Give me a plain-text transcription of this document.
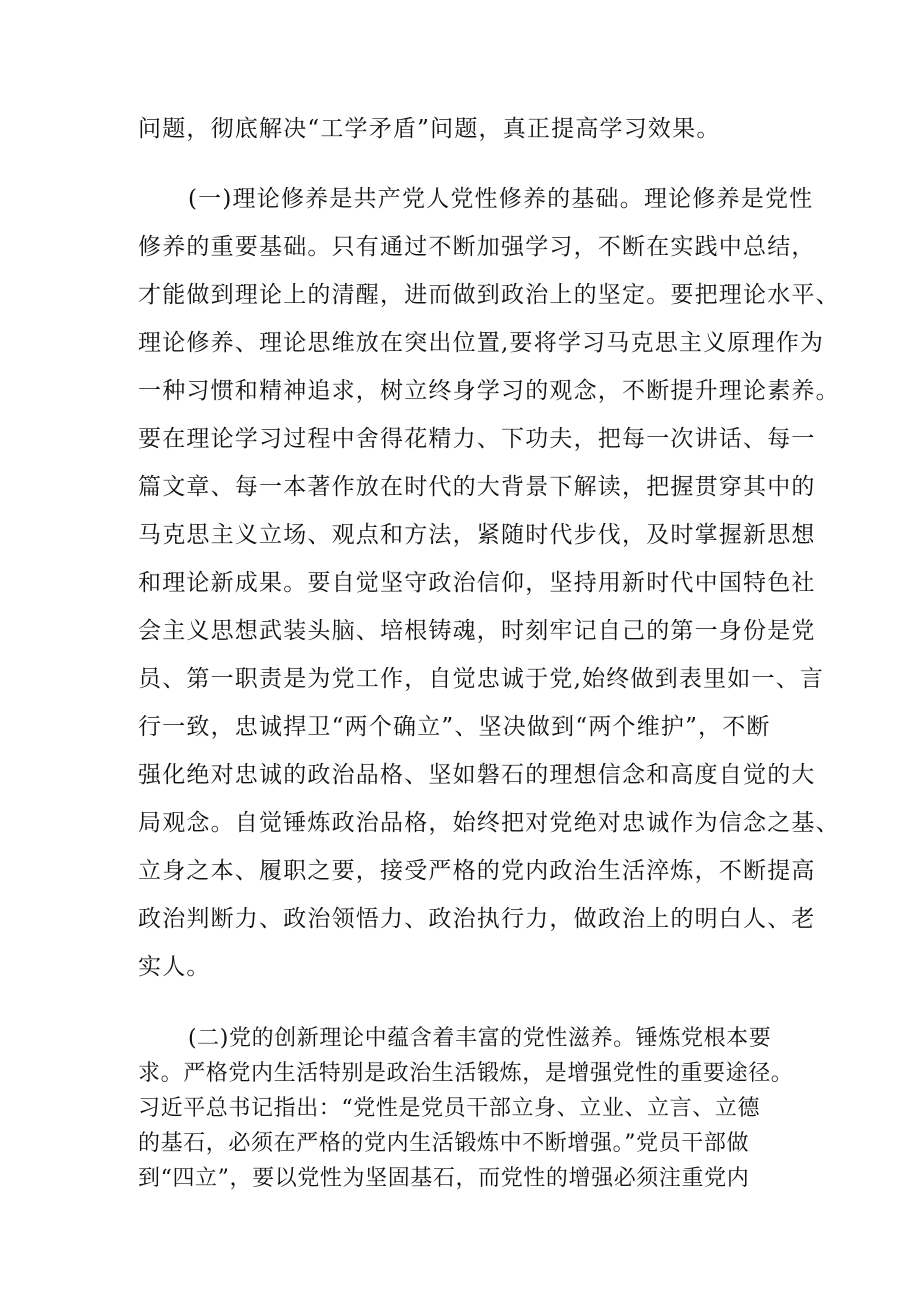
问题，彻底解决“工学矛盾”问题，真正提高学习效果。
(一)理论修养是共产党人党性修养的基础。理论修养是党性
修养的重要基础。只有通过不断加强学习，不断在实践中总结，
才能做到理论上的清醒，进而做到政治上的坚定。要把理论水平、
理论修养、理论思维放在突出位置,要将学习马克思主义原理作为
一种习惯和精神追求，树立终身学习的观念，不断提升理论素养。
要在理论学习过程中舍得花精力、下功夫，把每一次讲话、每一
篇文章、每一本著作放在时代的大背景下解读，把握贯穿其中的
马克思主义立场、观点和方法，紧随时代步伐，及时掌握新思想
和理论新成果。要自觉坚守政治信仰，坚持用新时代中国特色社
会主义思想武装头脑、培根铸魂，时刻牢记自己的第一身份是党
员、第一职责是为党工作，自觉忠诚于党,始终做到表里如一、言
行一致，忠诚捍卫“两个确立”、坚决做到“两个维护”，不断
强化绝对忠诚的政治品格、坚如磐石的理想信念和高度自觉的大
局观念。自觉锤炼政治品格，始终把对党绝对忠诚作为信念之基、
立身之本、履职之要，接受严格的党内政治生活淬炼，不断提高
政治判断力、政治领悟力、政治执行力，做政治上的明白人、老
实人。
(二)党的创新理论中蕴含着丰富的党性滋养。锤炼党根本要
求。严格党内生活特别是政治生活锻炼，是增强党性的重要途径。
习近平总书记指出：“党性是党员干部立身、立业、立言、立德
的基石，必须在严格的党内生活锻炼中不断增强。”党员干部做
到“四立”，要以党性为坚固基石，而党性的增强必须注重党内
